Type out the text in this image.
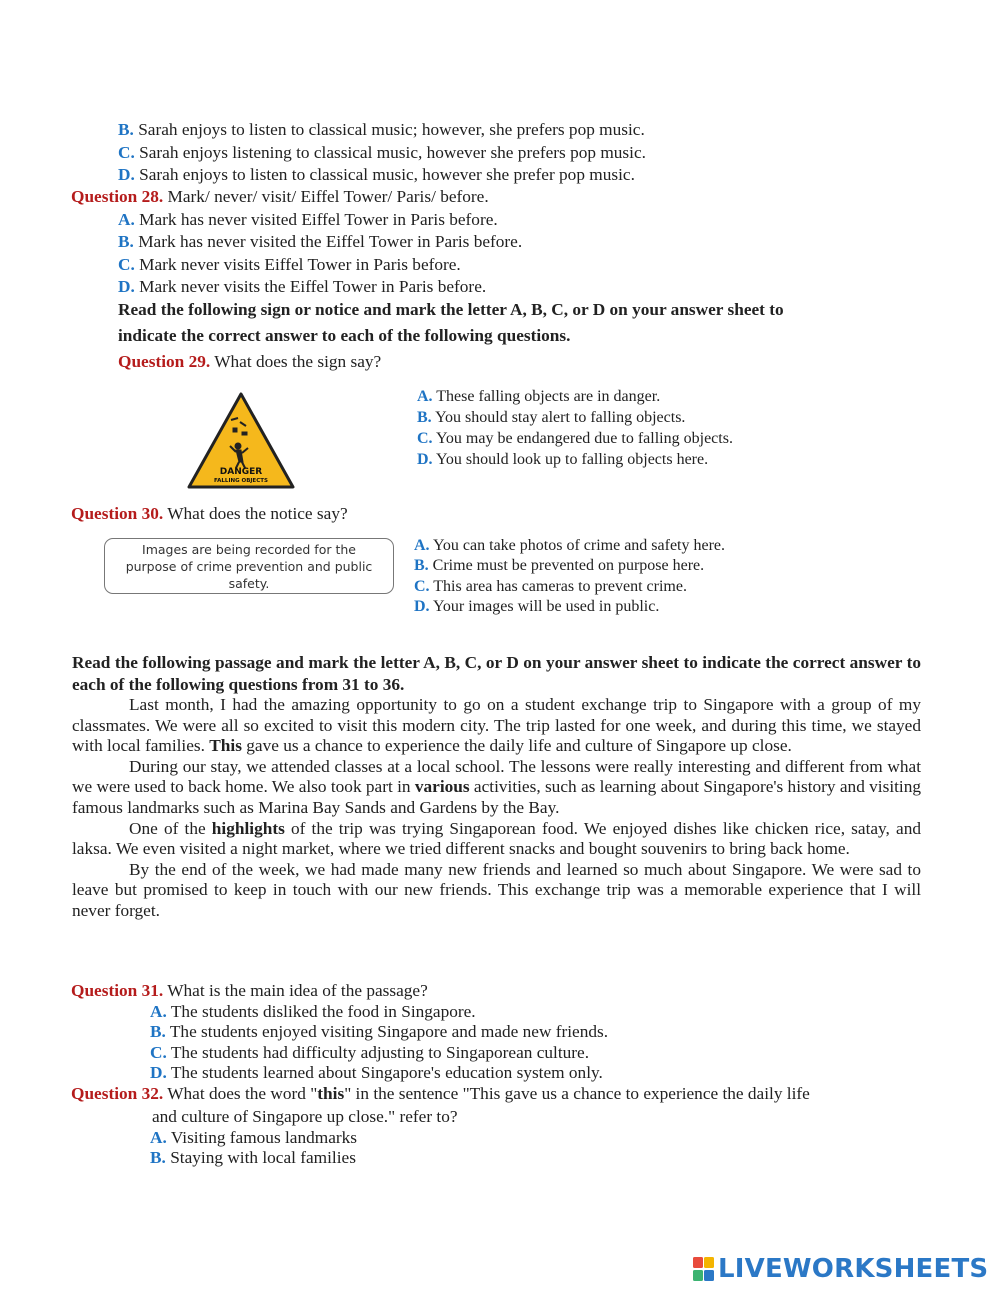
B. Sarah enjoys to listen to classical music; however, she prefers pop music.
C. Sarah enjoys listening to classical music, however she prefers pop music.
D. Sarah enjoys to listen to classical music, however she prefer pop music.
Question 28. Mark/ never/ visit/ Eiffel Tower/ Paris/ before.
A. Mark has never visited Eiffel Tower in Paris before.
B. Mark has never visited the Eiffel Tower in Paris before.
C. Mark never visits Eiffel Tower in Paris before.
D. Mark never visits the Eiffel Tower in Paris before.
Read the following sign or notice and mark the letter A, B, C, or D on your answer sheet to
indicate the correct answer to each of the following questions.
Question 29. What does the sign say?
DANGER
FALLING OBJECTS
A. These falling objects are in danger.
B. You should stay alert to falling objects.
C. You may be endangered due to falling objects.
D. You should look up to falling objects here.
Question 30. What does the notice say?
Images are being recorded for the purpose of crime prevention and public safety.
A. You can take photos of crime and safety here.
B. Crime must be prevented on purpose here.
C. This area has cameras to prevent crime.
D. Your images will be used in public.

Read the following passage and mark the letter A, B, C, or D on your answer sheet to indicate the correct answer to each of the following questions from 31 to 36.

Last month, I had the amazing opportunity to go on a student exchange trip to Singapore with a group of my classmates. We were all so excited to visit this modern city. The trip lasted for one week, and during this time, we stayed with local families. This gave us a chance to experience the daily life and culture of Singapore up close.

During our stay, we attended classes at a local school. The lessons were really interesting and different from what we were used to back home. We also took part in various activities, such as learning about Singapore's history and visiting famous landmarks such as Marina Bay Sands and Gardens by the Bay.

One of the highlights of the trip was trying Singaporean food. We enjoyed dishes like chicken rice, satay, and laksa. We even visited a night market, where we tried different snacks and bought souvenirs to bring back home.

By the end of the week, we had made many new friends and learned so much about Singapore. We were sad to leave but promised to keep in touch with our new friends. This exchange trip was a memorable experience that I will never forget.

Question 31. What is the main idea of the passage?
A. The students disliked the food in Singapore.
B. The students enjoyed visiting Singapore and made new friends.
C. The students had difficulty adjusting to Singaporean culture.
D. The students learned about Singapore's education system only.
Question 32. What does the word "this" in the sentence "This gave us a chance to experience the daily life
and culture of Singapore up close." refer to?
A. Visiting famous landmarks
B. Staying with local families
LIVEWORKSHEETS
